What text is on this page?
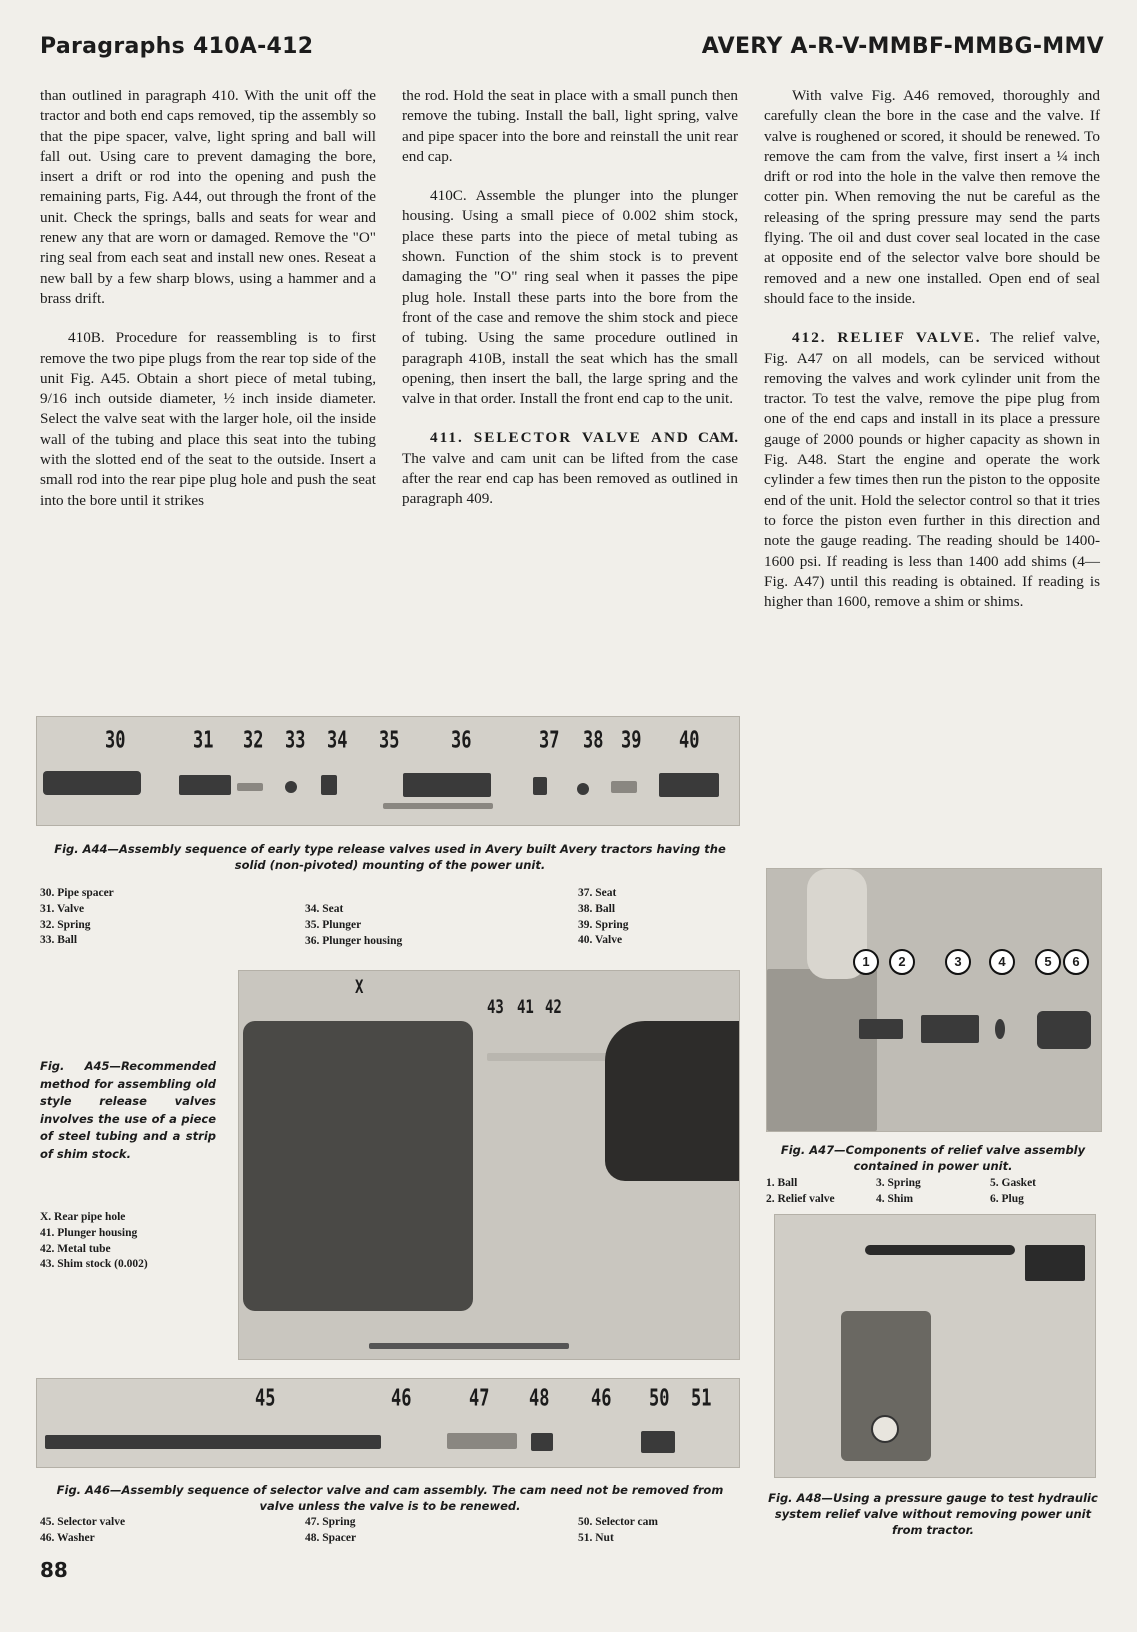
Paragraphs 410A-412	AVERY A-R-V-MMBF-MMBG-MMV

than outlined in paragraph 410. With the unit off the tractor and both end caps removed, tip the assembly so that the pipe spacer, valve, light spring and ball will fall out. Using care to prevent damaging the bore, insert a drift or rod into the opening and push the remaining parts, Fig. A44, out through the front of the unit. Check the springs, balls and seats for wear and renew any that are worn or damaged. Remove the "O" ring seal from each seat and install new ones. Reseat a new ball by a few sharp blows, using a hammer and a brass drift.

410B. Procedure for reassembling is to first remove the two pipe plugs from the rear top side of the unit Fig. A45. Obtain a short piece of metal tubing, 9/16 inch outside diameter, ½ inch inside diameter. Select the valve seat with the larger hole, oil the inside wall of the tubing and place this seat into the tubing with the slotted end of the seat to the outside. Insert a small rod into the rear pipe plug hole and push the seat into the bore until it strikes

the rod. Hold the seat in place with a small punch then remove the tubing. Install the ball, light spring, valve and pipe spacer into the bore and reinstall the unit rear end cap.

410C. Assemble the plunger into the plunger housing. Using a small piece of 0.002 shim stock, place these parts into the piece of metal tubing as shown. Function of the shim stock is to prevent damaging the "O" ring seal when it passes the pipe plug hole. Install these parts into the bore from the front of the case and remove the shim stock and piece of tubing. Using the same procedure outlined in paragraph 410B, install the seat which has the small opening, then insert the ball, the large spring and the valve in that order. Install the front end cap to the unit.

411. SELECTOR VALVE AND CAM. The valve and cam unit can be lifted from the case after the rear end cap has been removed as outlined in paragraph 409.

With valve Fig. A46 removed, thoroughly and carefully clean the bore in the case and the valve. If valve is roughened or scored, it should be renewed. To remove the cam from the valve, first insert a ¼ inch drift or rod into the hole in the valve then remove the cotter pin. When removing the nut be careful as the releasing of the spring pressure may send the parts flying. The oil and dust cover seal located in the case at opposite end of the selector valve bore should be removed and a new one installed. Open end of seal should face to the inside.

412. RELIEF VALVE. The relief valve, Fig. A47 on all models, can be serviced without removing the valves and work cylinder unit from the tractor. To test the valve, remove the pipe plug from one of the end caps and install in its place a pressure gauge of 2000 pounds or higher capacity as shown in Fig. A48. Start the engine and operate the work cylinder a few times then run the piston to the opposite end of the unit. Hold the selector control so that it tries to force the piston even further in this direction and note the gauge reading. The reading should be 1400-1600 psi. If reading is less than 1400 add shims (4—Fig. A47) until this reading is obtained. If reading is higher than 1600, remove a shim or shims.

30	31 32 33 34 35	36	37 38 39 40
Fig. A44—Assembly sequence of early type release valves used in Avery built Avery tractors having the solid (non-pivoted) mounting of the power unit.
30. Pipe spacer
31. Valve
32. Spring
33. Ball
34. Seat
35. Plunger
36. Plunger housing
37. Seat
38. Ball
39. Spring
40. Valve
X
43 41 42
Fig. A45—Recommended method for assembling old style release valves involves the use of a piece of steel tubing and a strip of shim stock.
X. Rear pipe hole
41. Plunger housing
42. Metal tube
43. Shim stock (0.002)
45	46	47 48 46 50 51
Fig. A46—Assembly sequence of selector valve and cam assembly. The cam need not be removed from valve unless the valve is to be renewed.
45. Selector valve
46. Washer
47. Spring
48. Spacer
50. Selector cam
51. Nut
1	2	3	4	5	6
Fig. A47—Components of relief valve assembly contained in power unit.
1. Ball
2. Relief valve
3. Spring
4. Shim
5. Gasket
6. Plug
Fig. A48—Using a pressure gauge to test hydraulic system relief valve without removing power unit from tractor.
88
